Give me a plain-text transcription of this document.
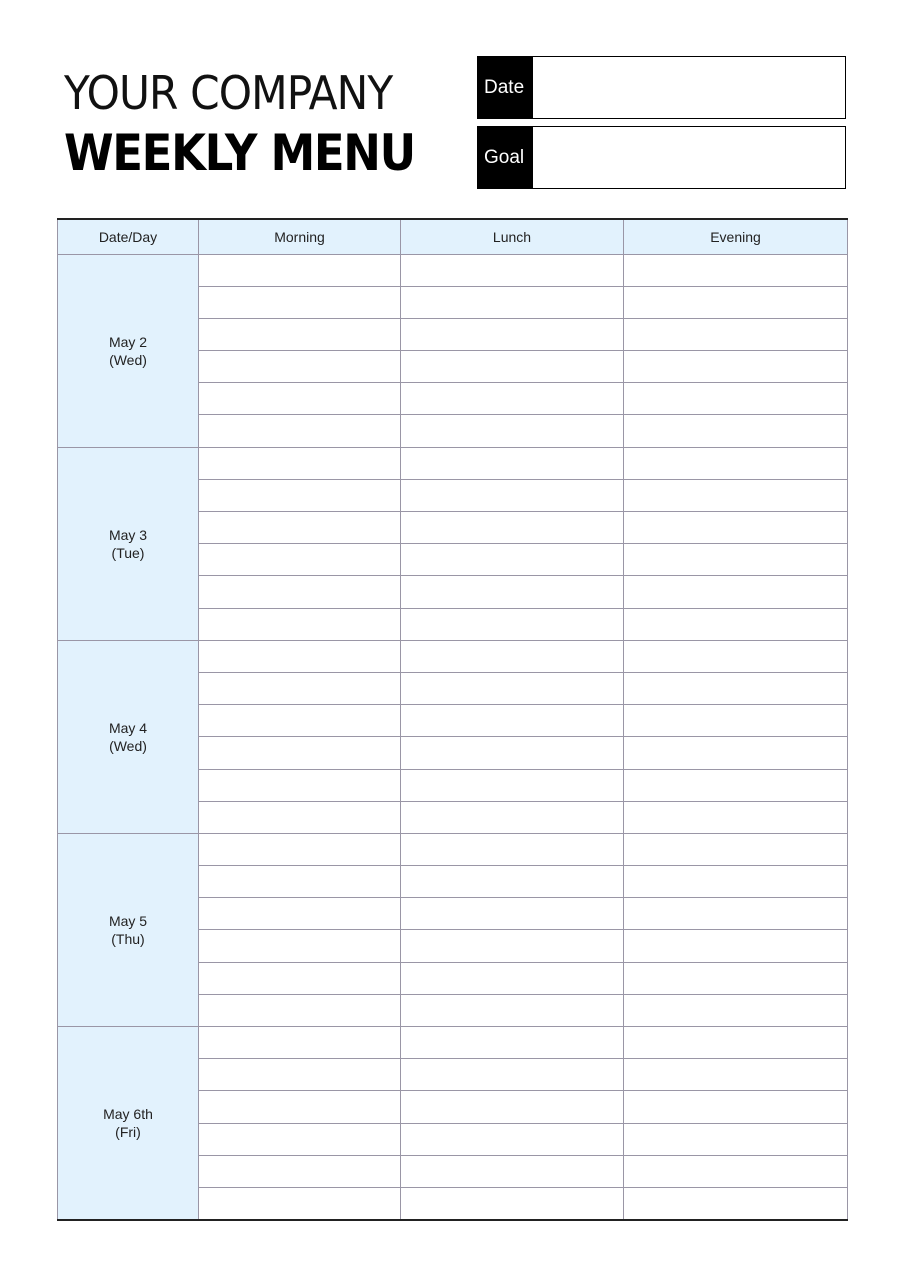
YOUR COMPANY
WEEKLY MENU
Date
Goal
Date/Day	Morning	Lunch	Evening

May 2
(Wed)			

May 3
(Tue)			

May 4
(Wed)			

May 5
(Thu)			

May 6th
(Fri)			
